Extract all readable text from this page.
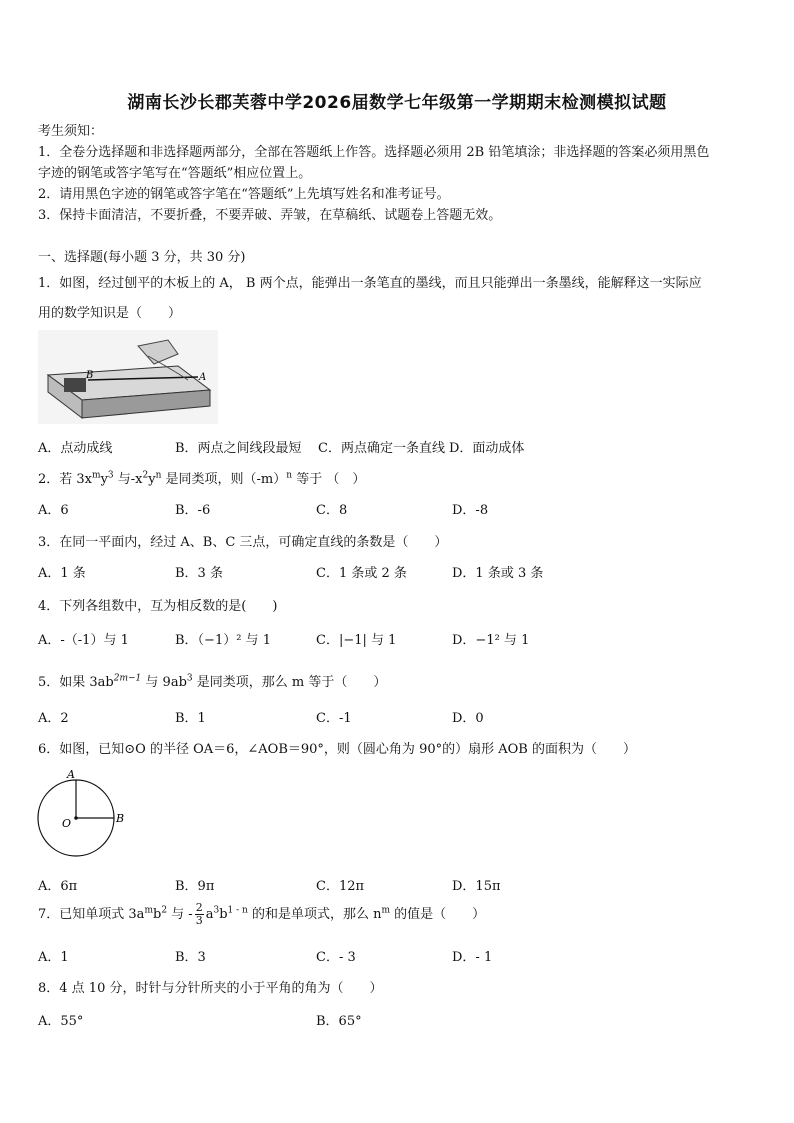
湖南长沙长郡芙蓉中学2026届数学七年级第一学期期末检测模拟试题
考生须知：
1．全卷分选择题和非选择题两部分，全部在答题纸上作答。选择题必须用 2B 铅笔填涂；非选择题的答案必须用黑色
字迹的钢笔或答字笔写在“答题纸”相应位置上。
2．请用黑色字迹的钢笔或答字笔在“答题纸”上先填写姓名和准考证号。
3．保持卡面清洁，不要折叠，不要弄破、弄皱，在草稿纸、试题卷上答题无效。
一、选择题(每小题 3 分，共 30 分)
1．如图，经过刨平的木板上的 A， B 两个点，能弹出一条笔直的墨线，而且只能弹出一条墨线，能解释这一实际应
用的数学知识是（　　）
B	A
A．点动成线	B．两点之间线段最短 C．两点确定一条直线 D．面动成体
2．若 $3x^my^3$ 与$-x^2y^n$ 是同类项，则$(-m)^n$ 等于 （　）
A．6	B．-6	C．8	D．-8
3．在同一平面内，经过 A、B、C 三点，可确定直线的条数是（　　）
A．1 条	B．3 条	C．1 条或 2 条	D．1 条或 3 条
4．下列各组数中，互为相反数的是(　　)
A．-（-1）与 1	B．（−1）² 与 1	C．|−1| 与 1	D．−1² 与 1
5．如果 $3ab^{2m-1}$ 与 $9ab^3$ 是同类项，那么 m 等于（　　）
A．2	B．1	C．-1	D．0
6．如图，已知⊙O 的半径 OA＝6，∠AOB＝90°，则（圆心角为 90°的）扇形 AOB 的面积为（　　）
A
O	B
A．6π	B．9π	C．12π	D．15π
7．已知单项式 $3a^mb^2$ 与 - $\frac{2}{3} a^3b^{1 - n}$ 的和是单项式，那么 $n^m$ 的值是（　　）
A．1	B．3	C．- 3	D．- 1
8．4 点 10 分，时针与分针所夹的小于平角的角为（　　）
A．55°	B．65°
